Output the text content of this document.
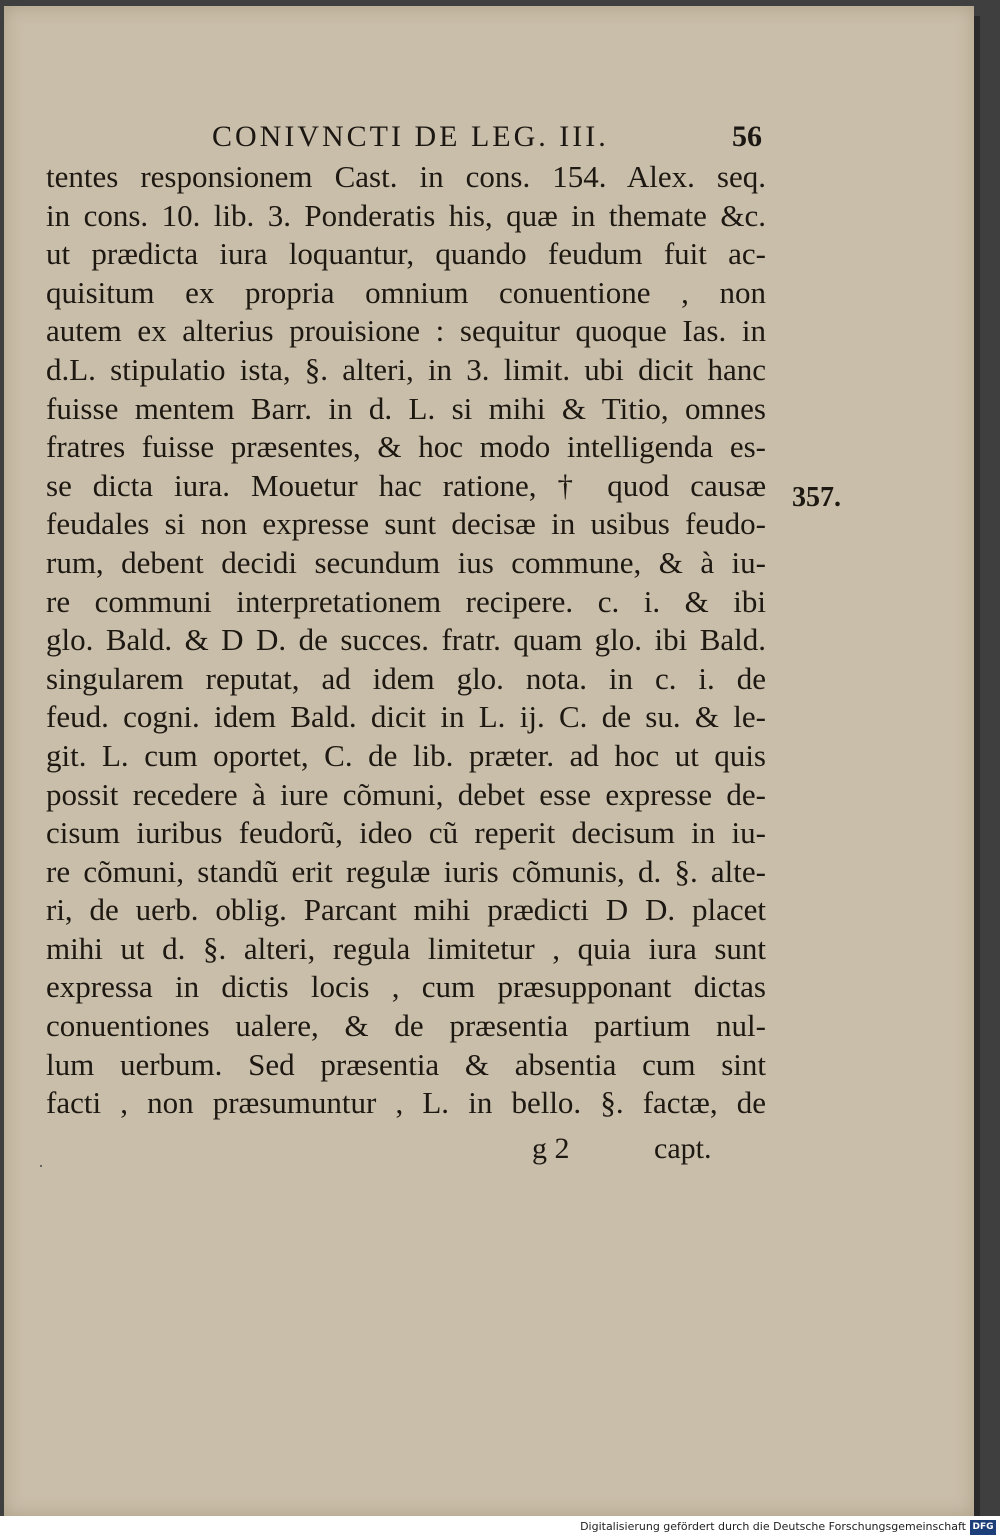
CONIVNCTI DE LEG. III.	56
tentes responsionem Cast. in cons. 154. Alex. seq.
in cons. 10. lib. 3. Ponderatis his, quæ in themate &c.
ut prædicta iura loquantur, quando feudum fuit ac-
quisitum ex propria omnium conuentione , non
autem ex alterius prouisione : sequitur quoque Ias. in
d.L. stipulatio ista, §. alteri, in 3. limit. ubi dicit hanc
fuisse mentem Barr. in d. L. si mihi & Titio, omnes
fratres fuisse præsentes, & hoc modo intelligenda es-
se dicta iura. Mouetur hac ratione, † quod causæ
feudales si non expresse sunt decisæ in usibus feudo-
rum, debent decidi secundum ius commune, & à iu-
re communi interpretationem recipere. c. i. & ibi
glo. Bald. & D D. de succes. fratr. quam glo. ibi Bald.
singularem reputat, ad idem glo. nota. in c. i. de
feud. cogni. idem Bald. dicit in L. ij. C. de su. & le-
git. L. cum oportet, C. de lib. præter. ad hoc ut quis
possit recedere à iure cõmuni, debet esse expresse de-
cisum iuribus feudorũ, ideo cũ reperit decisum in iu-
re cõmuni, standũ erit regulæ iuris cõmunis, d. §. alte-
ri, de uerb. oblig. Parcant mihi prædicti D D. placet
mihi ut d. §. alteri, regula limitetur , quia iura sunt
expressa in dictis locis , cum præsupponant dictas
conuentiones ualere, & de præsentia partium nul-
lum uerbum. Sed præsentia & absentia cum sint
facti , non præsumuntur , L. in bello. §. factæ, de
357.
g 2	capt.
·
Digitalisierung gefördert durch die Deutsche Forschungsgemeinschaft DFG
